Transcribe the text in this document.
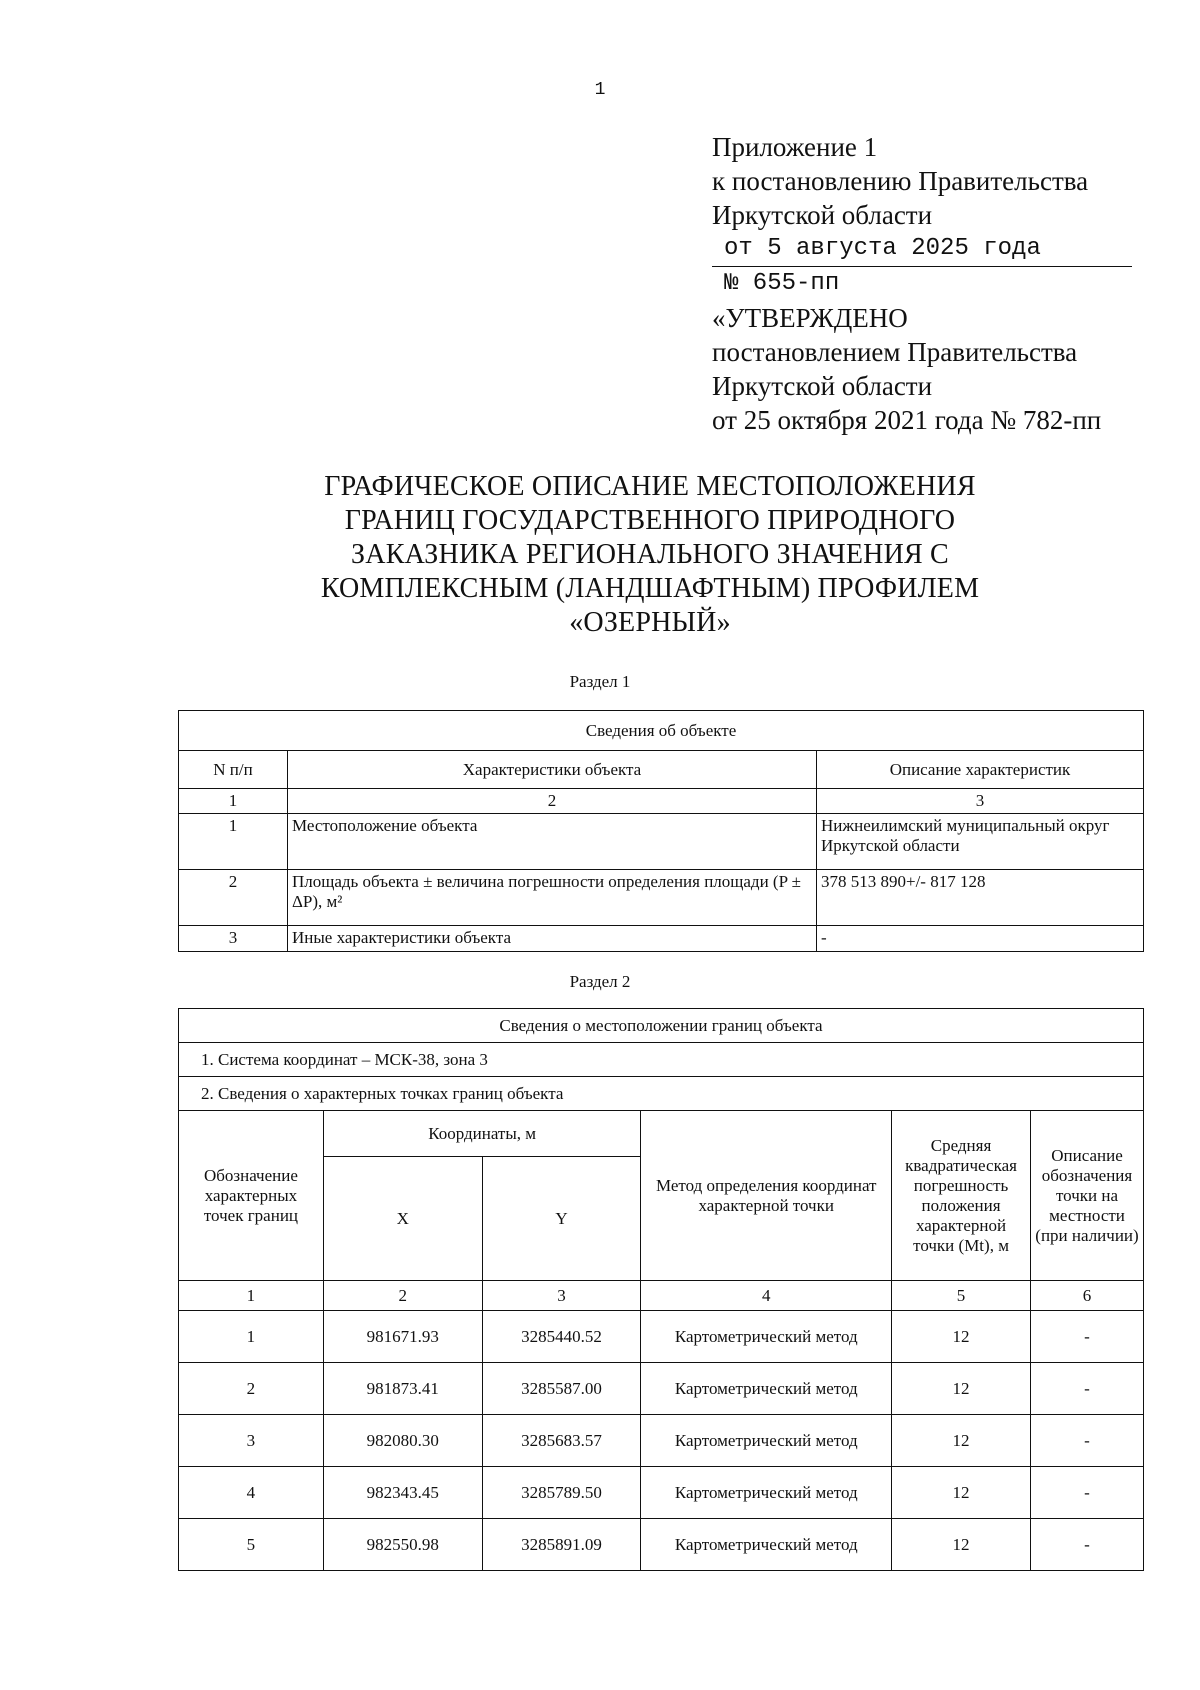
1
Приложение 1
к постановлению Правительства
Иркутской области
от 5 августа 2025 года
№ 655-пп
«УТВЕРЖДЕНО
постановлением Правительства
Иркутской области
от 25 октября 2021 года № 782-пп
ГРАФИЧЕСКОЕ ОПИСАНИЕ МЕСТОПОЛОЖЕНИЯ
ГРАНИЦ ГОСУДАРСТВЕННОГО ПРИРОДНОГО
ЗАКАЗНИКА РЕГИОНАЛЬНОГО ЗНАЧЕНИЯ С
КОМПЛЕКСНЫМ (ЛАНДШАФТНЫМ) ПРОФИЛЕМ
«ОЗЕРНЫЙ»
Раздел 1
Сведения об объекте		
N п/п	Характеристики объекта	Описание характеристик
1	2	3
1	Местоположение объекта	Нижнеилимский муниципальный округ Иркутской области
2	Площадь объекта ± величина погрешности определения площади (P ± ΔP), м²	378 513 890+/- 817 128
3	Иные характеристики объекта	-
Раздел 2
Сведения о местоположении границ объекта					
1. Система координат – МСК-38, зона 3					
2. Сведения о характерных точках границ объекта					
Обозначение характерных точек границ	Координаты, м		Метод определения координат характерной точки	Средняя квадратическая погрешность положения характерной точки (Mt), м	Описание обозначения точки на местности (при наличии)
	X	Y			
1	2	3	4	5	6
1	981671.93	3285440.52	Картометрический метод	12	-
2	981873.41	3285587.00	Картометрический метод	12	-
3	982080.30	3285683.57	Картометрический метод	12	-
4	982343.45	3285789.50	Картометрический метод	12	-
5	982550.98	3285891.09	Картометрический метод	12	-
